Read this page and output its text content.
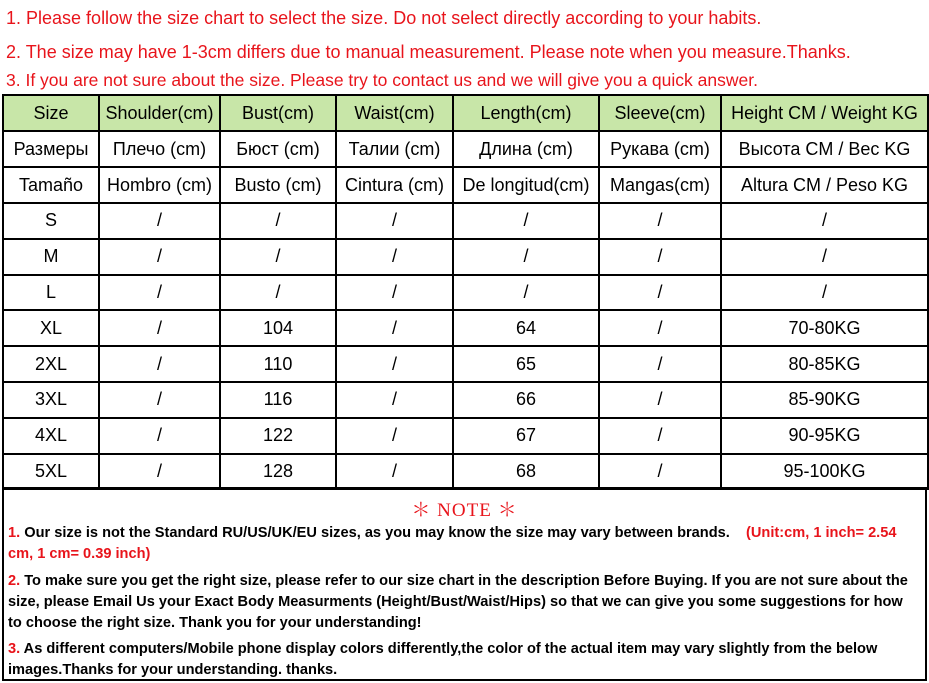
1. Please follow the size chart to select the size. Do not select directly according to your habits.
2. The size may have 1-3cm differs due to manual measurement. Please note when you measure.Thanks.
3. If you are not sure about the size. Please try to contact us and we will give you a quick answer.
Size	Shoulder(cm)	Bust(cm)	Waist(cm)	Length(cm)	Sleeve(cm)	Height CM / Weight KG
Размеры	Плечо (cm)	Бюст (cm)	Талии (cm)	Длина (cm)	Рукава (cm)	Высота CM / Вес KG
Tamaño	Hombro (cm)	Busto (cm)	Cintura (cm)	De longitud(cm)	Mangas(cm)	Altura CM / Peso KG
S	/	/	/	/	/	/
M	/	/	/	/	/	/
L	/	/	/	/	/	/
XL	/	104	/	64	/	70-80KG
2XL	/	110	/	65	/	80-85KG
3XL	/	116	/	66	/	85-90KG
4XL	/	122	/	67	/	90-95KG
5XL	/	128	/	68	/	95-100KG
＊ NOTE ＊
1. Our size is not the Standard RU/US/UK/EU sizes, as you may know the size may vary between brands. (Unit:cm, 1 inch= 2.54 cm, 1 cm= 0.39 inch)
2. To make sure you get the right size, please refer to our size chart in the description Before Buying. If you are not sure about the size, please Email Us your Exact Body Measurments (Height/Bust/Waist/Hips) so that we can give you some suggestions for how to choose the right size. Thank you for your understanding!
3. As different computers/Mobile phone display colors differently,the color of the actual item may vary slightly from the below images.Thanks for your understanding. thanks.
